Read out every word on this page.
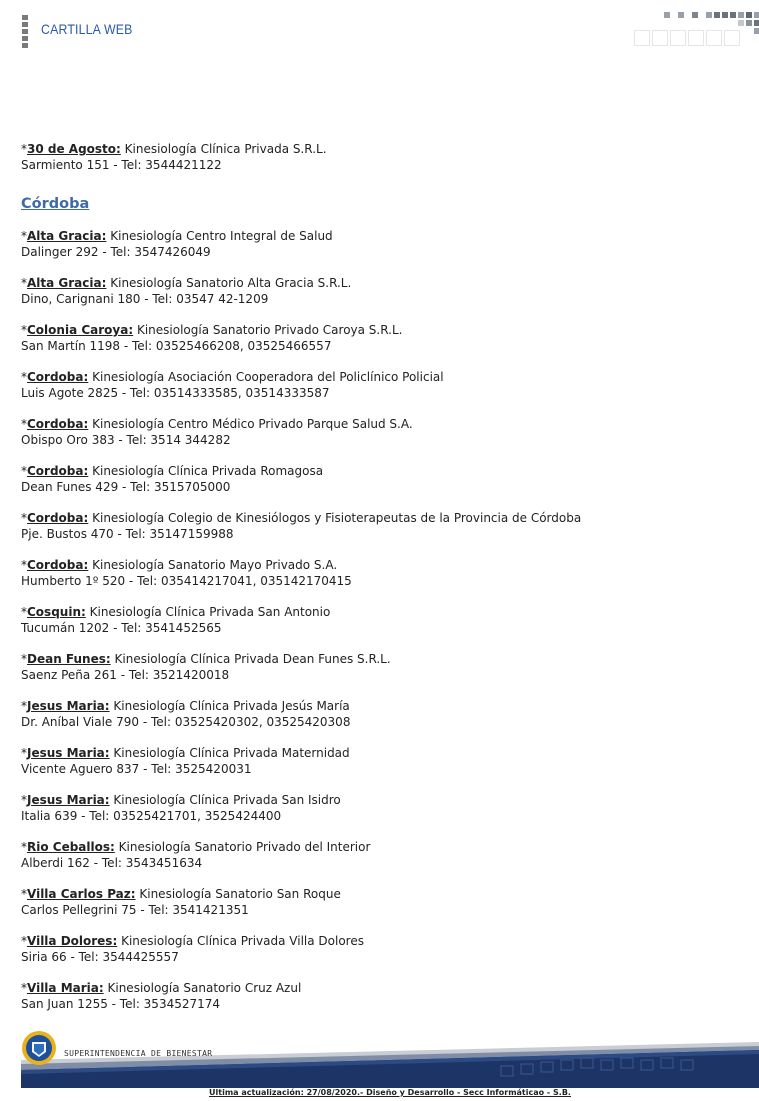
CARTILLA WEB
*30 de Agosto: Kinesiología Clínica Privada S.R.L.
Sarmiento 151 - Tel: 3544421122
Córdoba
*Alta Gracia: Kinesiología Centro Integral de Salud
Dalinger 292 - Tel: 3547426049
*Alta Gracia: Kinesiología Sanatorio Alta Gracia S.R.L.
Dino, Carignani 180 - Tel: 03547 42-1209
*Colonia Caroya: Kinesiología Sanatorio Privado Caroya S.R.L.
San Martín 1198 - Tel: 03525466208, 03525466557
*Cordoba: Kinesiología Asociación Cooperadora del Policlínico Policial
Luis Agote 2825 - Tel: 03514333585, 03514333587
*Cordoba: Kinesiología Centro Médico Privado Parque Salud S.A.
Obispo Oro 383 - Tel: 3514 344282
*Cordoba: Kinesiología Clínica Privada Romagosa
Dean Funes 429 - Tel: 3515705000
*Cordoba: Kinesiología Colegio de Kinesiólogos y Fisioterapeutas de la Provincia de Córdoba
Pje. Bustos 470 - Tel: 35147159988
*Cordoba: Kinesiología Sanatorio Mayo Privado S.A.
Humberto 1º 520 - Tel: 035414217041, 035142170415
*Cosquin: Kinesiología Clínica Privada San Antonio
Tucumán 1202 - Tel: 3541452565
*Dean Funes: Kinesiología Clínica Privada Dean Funes S.R.L.
Saenz Peña 261 - Tel: 3521420018
*Jesus Maria: Kinesiología Clínica Privada Jesús María
Dr. Aníbal Viale 790 - Tel: 03525420302, 03525420308
*Jesus Maria: Kinesiología Clínica Privada Maternidad
Vicente Aguero 837 - Tel: 3525420031
*Jesus Maria: Kinesiología Clínica Privada San Isidro
Italia 639 - Tel: 03525421701, 3525424400
*Rio Ceballos: Kinesiología Sanatorio Privado del Interior
Alberdi 162 - Tel: 3543451634
*Villa Carlos Paz: Kinesiología Sanatorio San Roque
Carlos Pellegrini 75 - Tel: 3541421351
*Villa Dolores: Kinesiología Clínica Privada Villa Dolores
Siria 66 - Tel: 3544425557
*Villa Maria: Kinesiología Sanatorio Cruz Azul
San Juan 1255 - Tel: 3534527174
SUPERINTENDENCIA DE BIENESTAR
Ultima actualización: 27/08/2020.- Diseño y Desarrollo - Secc Informáticao - S.B.
